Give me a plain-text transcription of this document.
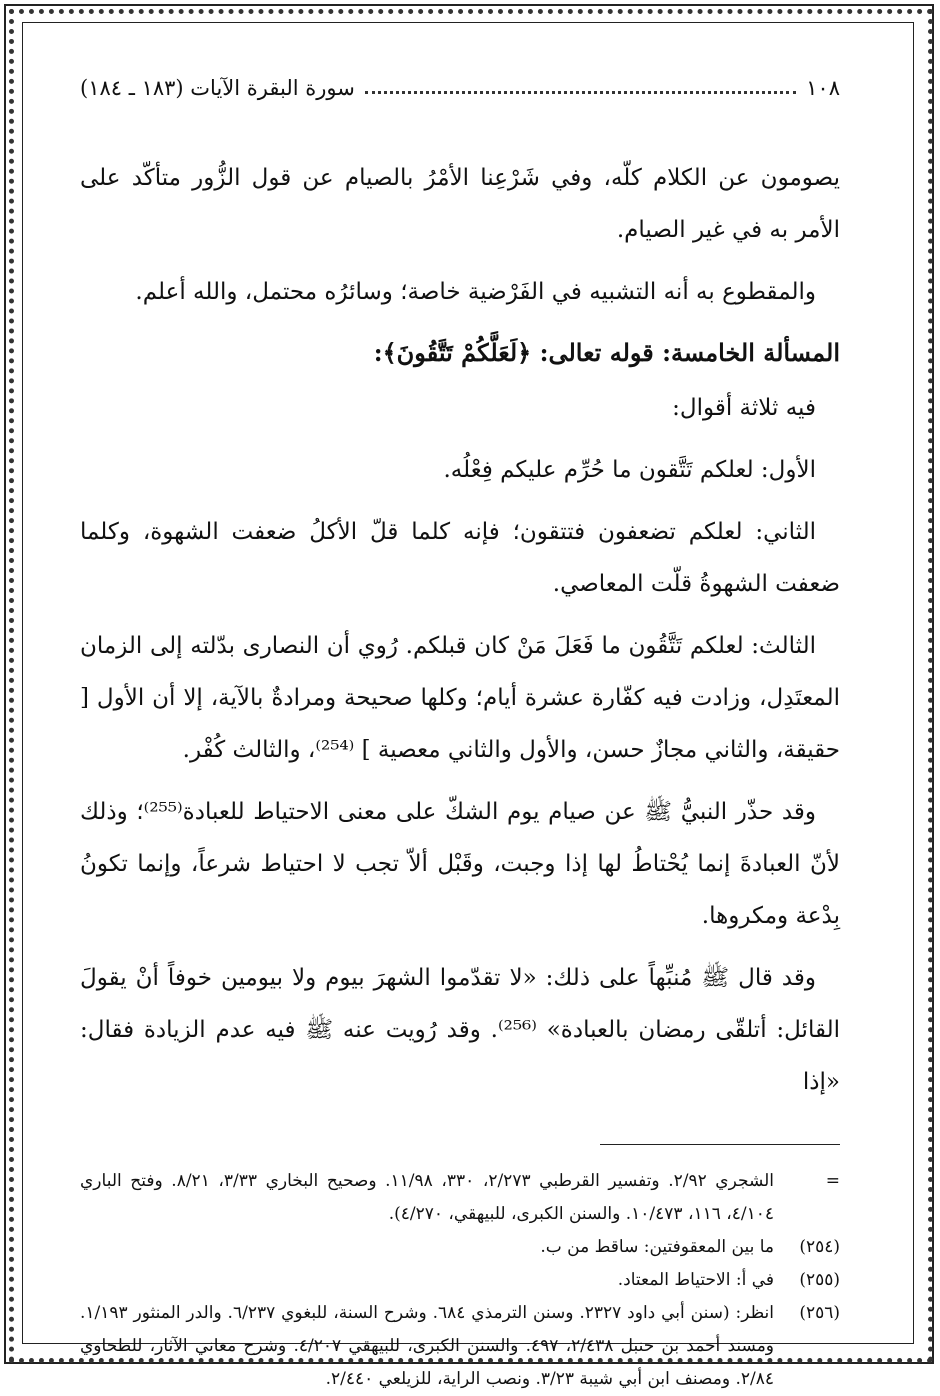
١٠٨
سورة البقرة الآيات (١٨٣ ـ ١٨٤)

يصومون عن الكلام كلّه، وفي شَرْعِنا الأمْرُ بالصيام عن قول الزُّور متأكّد على الأمر به في غير الصيام.

والمقطوع به أنه التشبيه في الفَرْضية خاصة؛ وسائرُه محتمل، والله أعلم.

المسألة الخامسة: قوله تعالى: ﴿لَعَلَّكُمْ تَتَّقُونَ﴾:

فيه ثلاثة أقوال:

الأول: لعلكم تَتَّقون ما حُرِّم عليكم فِعْلُه.

الثاني: لعلكم تضعفون فتتقون؛ فإنه كلما قلّ الأكلُ ضعفت الشهوة، وكلما ضعفت الشهوةُ قلّت المعاصي.

الثالث: لعلكم تَتَّقُون ما فَعَلَ مَنْ كان قبلكم. رُوي أن النصارى بدّلته إلى الزمان المعتَدِل، وزادت فيه كفّارة عشرة أيام؛ وكلها صحيحة ومرادةٌ بالآية، إلا أن الأول [ حقيقة، والثاني مجازٌ حسن، والأول والثاني معصية ] ⁽²⁵⁴⁾، والثالث كُفْر.

وقد حذّر النبيُّ ﷺ عن صيام يوم الشكّ على معنى الاحتياط للعبادة⁽²⁵⁵⁾؛ وذلك لأنّ العبادةَ إنما يُحْتاطُ لها إذا وجبت، وقَبْل ألاّ تجب لا احتياط شرعاً، وإنما تكونُ بِدْعة ومكروها.

وقد قال ﷺ مُنبِّهاً على ذلك: «لا تقدّموا الشهرَ بيوم ولا بيومين خوفاً أنْ يقولَ القائل: أتلقّى رمضان بالعبادة» ⁽²⁵⁶⁾. وقد رُويت عنه ﷺ فيه عدم الزيادة فقال: «إذا

=
الشجري ٢/٩٢. وتفسير القرطبي ٢/٢٧٣، ٣٣٠، ١١/٩٨. وصحيح البخاري ٣/٣٣، ٨/٢١. وفتح الباري ٤/١٠٤، ١١٦، ١٠/٤٧٣. والسنن الكبرى، للبيهقي، ٤/٢٧٠).
(٢٥٤)
ما بين المعقوفتين: ساقط من ب.
(٢٥٥)
في أ: الاحتياط المعتاد.
(٢٥٦)
انظر: (سنن أبي داود ٢٣٢٧. وسنن الترمذي ٦٨٤. وشرح السنة، للبغوي ٦/٢٣٧. والدر المنثور ١/١٩٣. ومسند أحمد بن حنبل ٢/٤٣٨، ٤٩٧. والسنن الكبرى، للبيهقي ٤/٢٠٧. وشرح معاني الآثار، للطحاوي ٢/٨٤. ومصنف ابن أبي شيبة ٣/٢٣. ونصب الراية، للزيلعي ٢/٤٤٠.
